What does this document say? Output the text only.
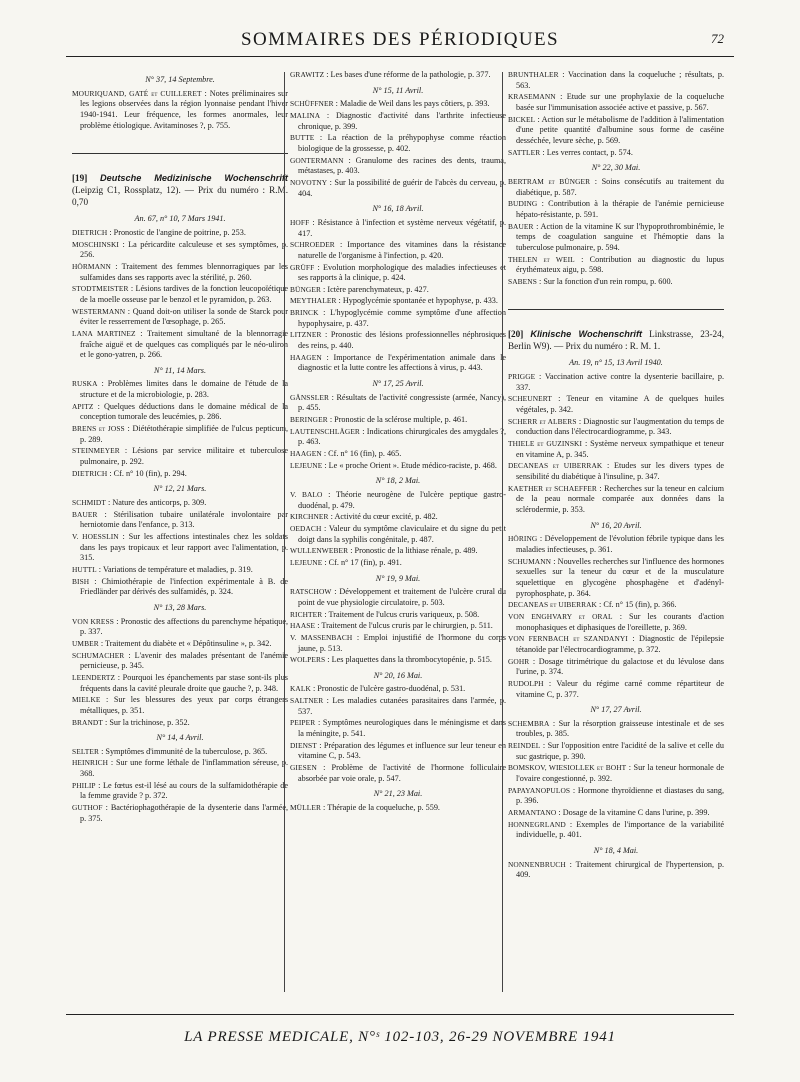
SOMMAIRES DES PÉRIODIQUES	72
N° 37, 14 Septembre.
MOURIQUAND, GATÉ et CUILLERET : Notes préliminaires sur les legions observées dans la région lyonnaise pendant l'hiver 1940-1941. Leur fréquence, les formes anormales, leur problème étiologique. Avitaminoses ?, p. 755.
[19] Deutsche Medizinische Wochenschrift (Leipzig C1, Rossplatz, 12). — Prix du numéro : R.M. 0,70
An. 67, n° 10, 7 Mars 1941.
DIETRICH : Pronostic de l'angine de poitrine, p. 253.
MOSCHINSKI : La péricardite calculeuse et ses symptômes, p. 256.
HÖRMANN : Traitement des femmes blennorragiques par les sulfamides dans ses rapports avec la stérilité, p. 260.
STODTMEISTER : Lésions tardives de la fonction leucopoïétique de la moelle osseuse par le benzol et le pyramidon, p. 263.
WESTERMANN : Quand doit-on utiliser la sonde de Starck pour éviter le resserrement de l'œsophage, p. 265.
LANA MARTINEZ : Traitement simultané de la blennorragie fraîche aiguë et de quelques cas compliqués par le néo-uliron et le gono-yatren, p. 266.
N° 11, 14 Mars.
RUSKA : Problèmes limites dans le domaine de l'étude de la structure et de la microbiologie, p. 283.
APITZ : Quelques déductions dans le domaine médical de la conception tumorale des leucémies, p. 286.
BRENS et JOSS : Diététothérapie simplifiée de l'ulcus pepticum, p. 289.
STEINMEYER : Lésions par service militaire et tuberculose pulmonaire, p. 292.
DIETRICH : Cf. n° 10 (fin), p. 294.
N° 12, 21 Mars.
SCHMIDT : Nature des anticorps, p. 309.
BAUER : Stérilisation tubaire unilatérale involontaire par herniotomie dans l'enfance, p. 313.
V. HOESSLIN : Sur les affections intestinales chez les soldats dans les pays tropicaux et leur rapport avec l'alimentation, p. 315.
HUTTL : Variations de température et maladies, p. 319.
BISH : Chimiothérapie de l'infection expérimentale à B. de Friedländer par dérivés des sulfamidés, p. 324.
N° 13, 28 Mars.
VON KRESS : Pronostic des affections du parenchyme hépatique, p. 337.
UMBER : Traitement du diabète et « Dépôtinsuline », p. 342.
SCHUMACHER : L'avenir des malades présentant de l'anémie pernicieuse, p. 345.
LEENDERTZ : Pourquoi les épanchements par stase sont-ils plus fréquents dans la cavité pleurale droite que gauche ?, p. 348.
MIELKE : Sur les blessures des yeux par corps étrangers métalliques, p. 351.
BRANDT : Sur la trichinose, p. 352.
N° 14, 4 Avril.
SELTER : Symptômes d'immunité de la tuberculose, p. 365.
HEINRICH : Sur une forme léthale de l'inflammation séreuse, p. 368.
PHILIP : Le fœtus est-il lésé au cours de la sulfamidothérapie de la femme gravide ? p. 372.
GUTHOF : Bactériophagothérapie de la dysenterie dans l'armée, p. 375.
GRAWITZ : Les bases d'une réforme de la pathologie, p. 377.
N° 15, 11 Avril.
SCHÜFFNER : Maladie de Weil dans les pays côtiers, p. 393.
MALINA : Diagnostic d'activité dans l'arthrite infectieuse chronique, p. 399.
BUTTE : La réaction de la préhypophyse comme réaction biologique de la grossesse, p. 402.
GONTERMANN : Granulome des racines des dents, trauma, métastases, p. 403.
NOVOTNY : Sur la possibilité de guérir de l'abcès du cerveau, p. 404.
N° 16, 18 Avril.
HOFF : Résistance à l'infection et système nerveux végétatif, p. 417.
SCHROEDER : Importance des vitamines dans la résistance naturelle de l'organisme à l'infection, p. 420.
GRÜFF : Evolution morphologique des maladies infectieuses et ses rapports à la clinique, p. 424.
BÜNGER : Ictère parenchymateux, p. 427.
MEYTHALER : Hypoglycémie spontanée et hypophyse, p. 433.
BRINCK : L'hypoglycémie comme symptôme d'une affection hypophysaire, p. 437.
LITZNER : Pronostic des lésions professionnelles néphrosiques des reins, p. 440.
HAAGEN : Importance de l'expérimentation animale dans le diagnostic et la lutte contre les affections à virus, p. 443.
N° 17, 25 Avril.
GÄNSSLER : Résultats de l'activité congressiste (armée, Nancy), p. 455.
BERINGER : Pronostic de la sclérose multiple, p. 461.
LAUTENSCHLÄGER : Indications chirurgicales des amygdales ?, p. 463.
HAAGEN : Cf. n° 16 (fin), p. 465.
LEJEUNE : Le « proche Orient ». Etude médico-raciste, p. 468.
N° 18, 2 Mai.
V. BALO : Théorie neurogène de l'ulcère peptique gastro-duodénal, p. 479.
KIRCHNER : Activité du cœur excité, p. 482.
OEDACH : Valeur du symptôme claviculaire et du signe du petit doigt dans la syphilis congénitale, p. 487.
WULLENWEBER : Pronostic de la lithiase rénale, p. 489.
LEJEUNE : Cf. n° 17 (fin), p. 491.
N° 19, 9 Mai.
RATSCHOW : Développement et traitement de l'ulcère crural du point de vue physiologie circulatoire, p. 503.
RICHTER : Traitement de l'ulcus cruris variqueux, p. 508.
HAASE : Traitement de l'ulcus cruris par le chirurgien, p. 511.
V. MASSENBACH : Emploi injustifié de l'hormone du corps jaune, p. 513.
WOLPERS : Les plaquettes dans la thrombocytopénie, p. 515.
N° 20, 16 Mai.
KALK : Pronostic de l'ulcère gastro-duodénal, p. 531.
SALTNER : Les maladies cutanées parasitaires dans l'armée, p. 537.
PEIPER : Symptômes neurologiques dans le méningisme et dans la méningite, p. 541.
DIENST : Préparation des légumes et influence sur leur teneur en vitamine C, p. 543.
GIESEN : Problème de l'activité de l'hormone folliculaire absorbée par voie orale, p. 547.
N° 21, 23 Mai.
MÜLLER : Thérapie de la coqueluche, p. 559.
BRUNTHALER : Vaccination dans la coqueluche ; résultats, p. 563.
KRASEMANN : Etude sur une prophylaxie de la coqueluche basée sur l'immunisation associée active et passive, p. 567.
BICKEL : Action sur le métabolisme de l'addition à l'alimentation d'une petite quantité d'albumine sous forme de caséine desséchée, levure sèche, p. 569.
SATTLER : Les verres contact, p. 574.
N° 22, 30 Mai.
BERTRAM et BÜNGER : Soins consécutifs au traitement du diabétique, p. 587.
BUDING : Contribution à la thérapie de l'anémie pernicieuse hépato-résistante, p. 591.
BAUER : Action de la vitamine K sur l'hypoprothrombinémie, le temps de coagulation sanguine et l'hémoptie dans la tuberculose pulmonaire, p. 594.
THELEN et WEIL : Contribution au diagnostic du lupus érythémateux aigu, p. 598.
SABENS : Sur la fonction d'un rein rompu, p. 600.
[20] Klinische Wochenschrift Linkstrasse, 23-24, Berlin W9). — Prix du numéro : R. M. 1.
An. 19, n° 15, 13 Avril 1940.
PRIGGE : Vaccination active contre la dysenterie bacillaire, p. 337.
SCHEUNERT : Teneur en vitamine A de quelques huiles végétales, p. 342.
SCHERR et ALBERS : Diagnostic sur l'augmentation du temps de conduction dans l'électrocardiogramme, p. 343.
THIELE et GUZINSKI : Système nerveux sympathique et teneur en vitamine A, p. 345.
DECANEAS et UIBERRAK : Etudes sur les divers types de sensibilité du diabétique à l'insuline, p. 347.
KAETHER et SCHAEFFER : Recherches sur la teneur en calcium de la peau normale comparée aux données dans la sclérodermie, p. 353.
N° 16, 20 Avril.
HÖRING : Développement de l'évolution fébrile typique dans les maladies infectieuses, p. 361.
SCHUMANN : Nouvelles recherches sur l'influence des hormones sexuelles sur la teneur du cœur et de la musculature squelettique en glycogène phosphagène et d'adényl-pyrophosphate, p. 364.
DECANEAS et UIBERRAK : Cf. n° 15 (fin), p. 366.
VON ENGHVARY et ORAL : Sur les courants d'action monophasiques et diphasiques de l'oreillette, p. 369.
VON FERNBACH et SZANDANYI : Diagnostic de l'épilepsie tétanoïde par l'électrocardiogramme, p. 372.
GOHR : Dosage titrimétrique du galactose et du lévulose dans l'urine, p. 374.
RUDOLPH : Valeur du régime carné comme répartiteur de vitamine C, p. 377.
N° 17, 27 Avril.
SCHEMBRA : Sur la résorption graisseuse intestinale et de ses troubles, p. 385.
REINDEL : Sur l'opposition entre l'acidité de la salive et celle du suc gastrique, p. 390.
BOMSKOV, WIESIOLLEK et BOHT : Sur la teneur hormonale de l'ovaire congestionné, p. 392.
PAPAYANOPULOS : Hormone thyroïdienne et diastases du sang, p. 396.
ARMANTANO : Dosage de la vitamine C dans l'urine, p. 399.
HONNEGRLAND : Exemples de l'importance de la variabilité individuelle, p. 401.
N° 18, 4 Mai.
NONNENBRUCH : Traitement chirurgical de l'hypertension, p. 409.
LA PRESSE MEDICALE, N°ˢ 102-103, 26-29 NOVEMBRE 1941
